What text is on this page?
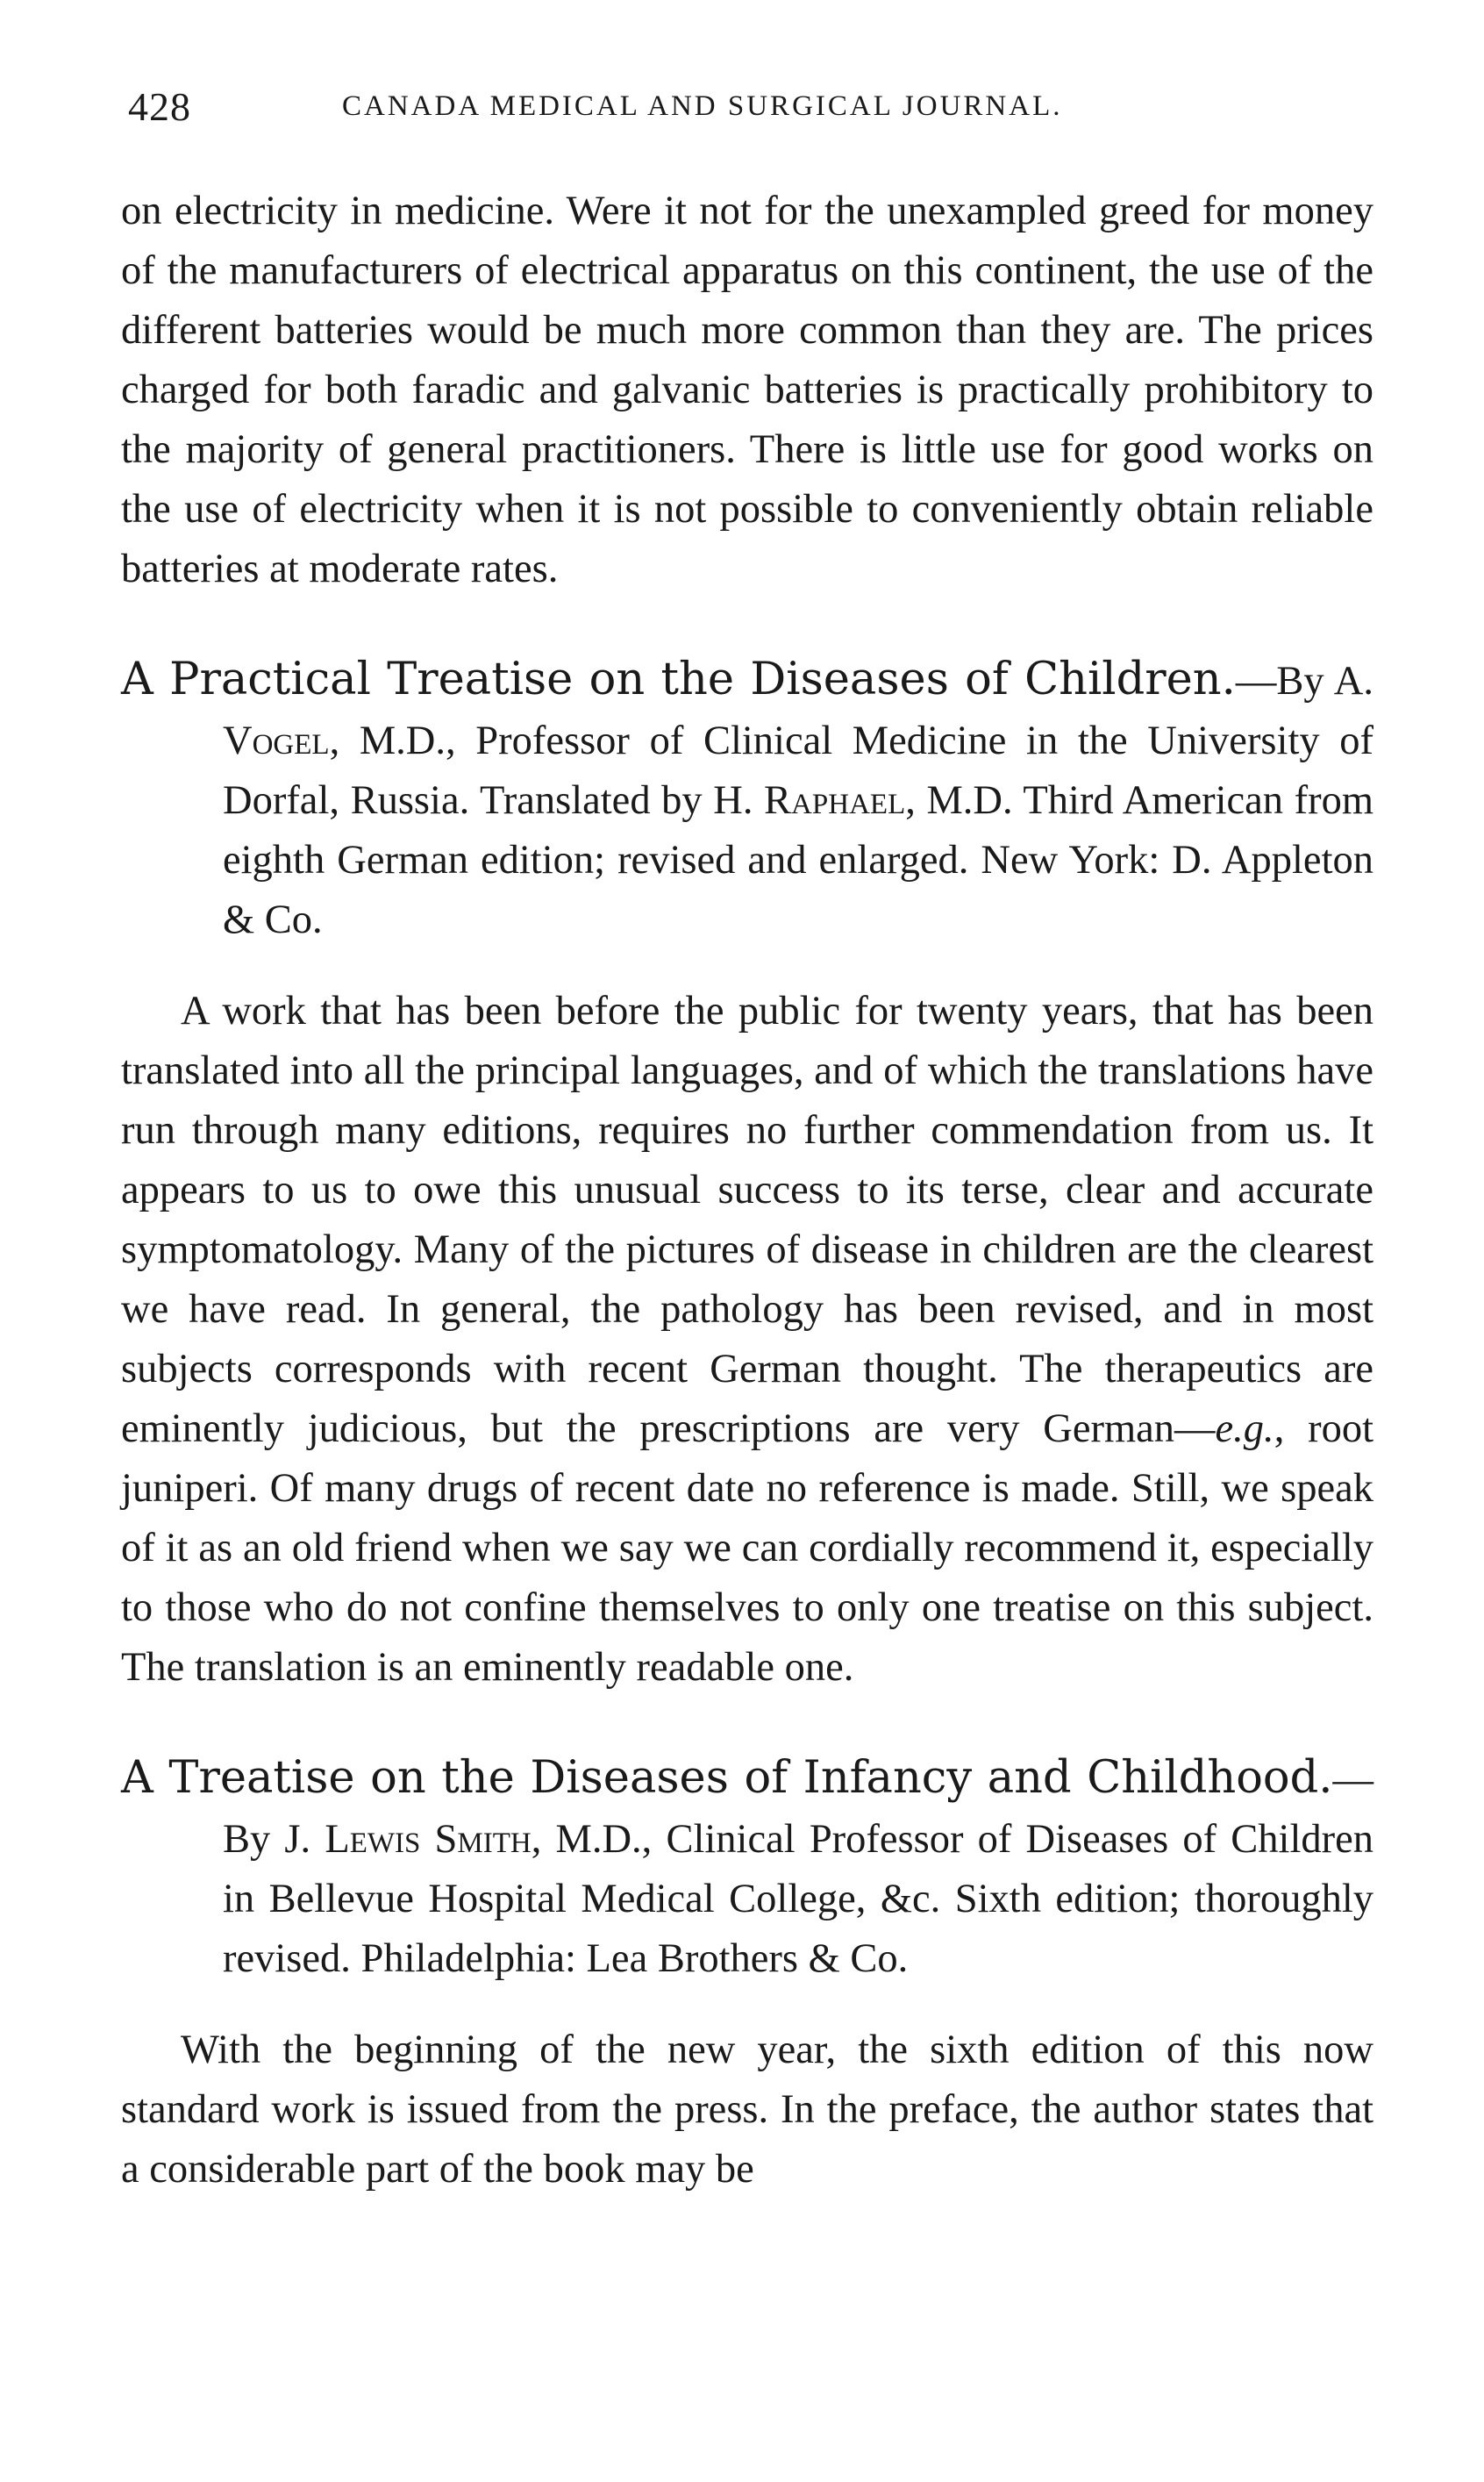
428	CANADA MEDICAL AND SURGICAL JOURNAL.

on electricity in medicine. Were it not for the unexampled greed for money of the manufacturers of electrical apparatus on this continent, the use of the different batteries would be much more common than they are. The prices charged for both faradic and galvanic batteries is practically prohibitory to the majority of general practitioners. There is little use for good works on the use of electricity when it is not possible to conveniently obtain reliable batteries at moderate rates.

A Practical Treatise on the Diseases of Children.—By A. Vogel, M.D., Professor of Clinical Medicine in the University of Dorfal, Russia. Translated by H. Raphael, M.D. Third American from eighth German edition; revised and enlarged. New York: D. Appleton & Co.

A work that has been before the public for twenty years, that has been translated into all the principal languages, and of which the translations have run through many editions, requires no further commendation from us. It appears to us to owe this unusual success to its terse, clear and accurate symptomatology. Many of the pictures of disease in children are the clearest we have read. In general, the pathology has been revised, and in most subjects corresponds with recent German thought. The therapeutics are eminently judicious, but the prescriptions are very German—e.g., root juniperi. Of many drugs of recent date no reference is made. Still, we speak of it as an old friend when we say we can cordially recommend it, especially to those who do not confine themselves to only one treatise on this subject. The translation is an eminently readable one.

A Treatise on the Diseases of Infancy and Childhood.—By J. Lewis Smith, M.D., Clinical Professor of Diseases of Children in Bellevue Hospital Medical College, &c. Sixth edition; thoroughly revised. Philadelphia: Lea Brothers & Co.

With the beginning of the new year, the sixth edition of this now standard work is issued from the press. In the preface, the author states that a considerable part of the book may be
